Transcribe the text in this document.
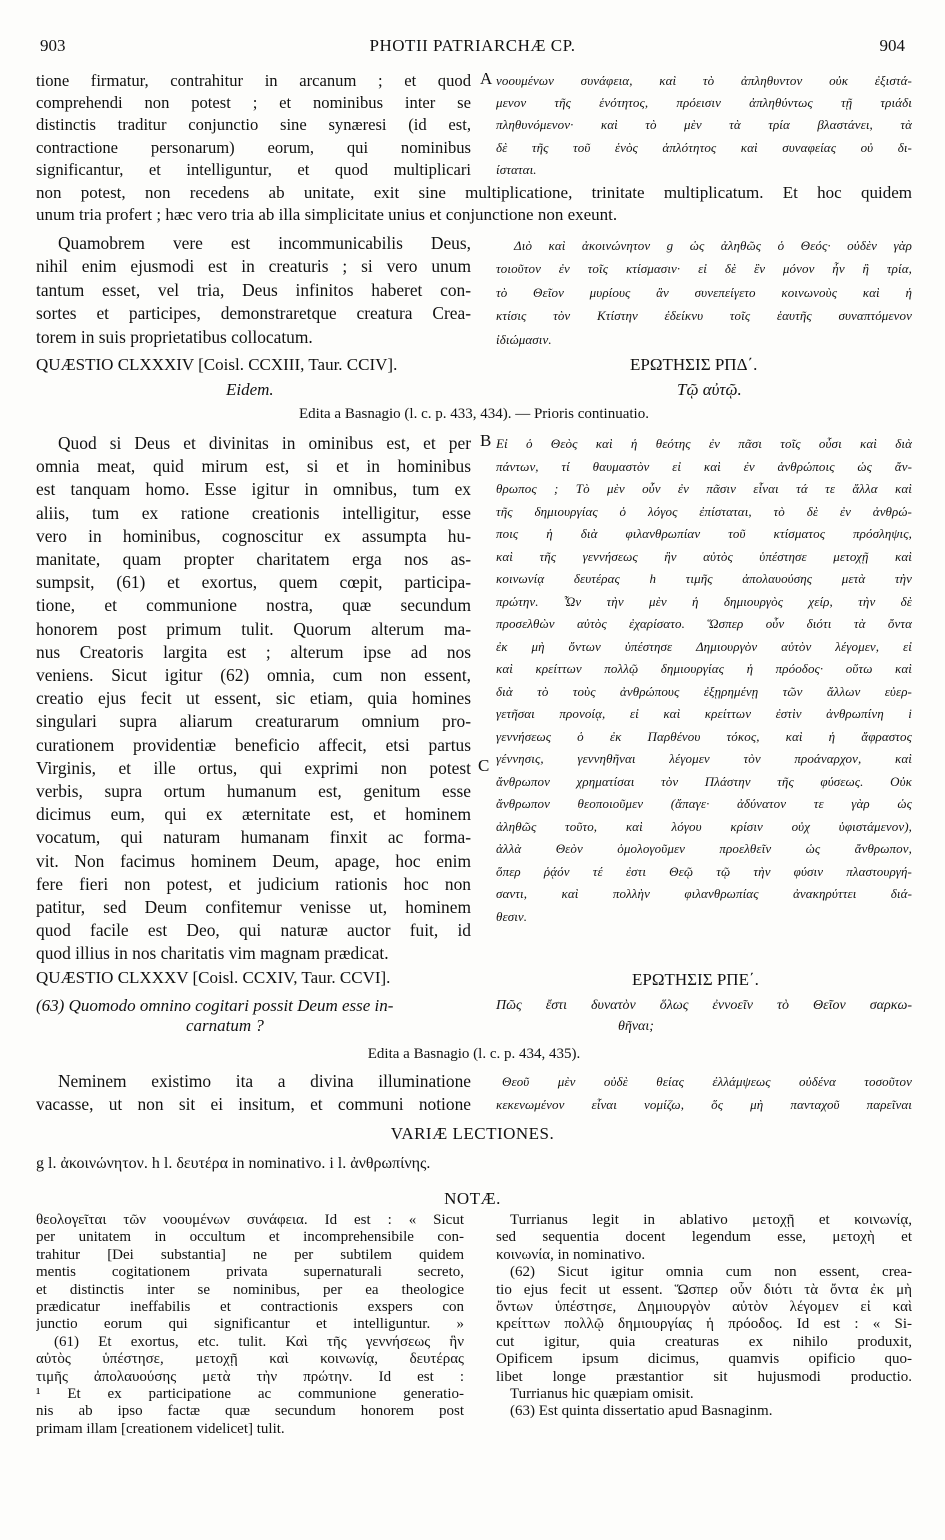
903	PHOTII PATRIARCHÆ CP.	904
tione firmatur, contrahitur in arcanum ; et quod
comprehendi non potest ; et nominibus inter se
distinctis traditur conjunctio sine synæresi (id est,
contractione personarum) eorum, qui nominibus
significantur, et intelliguntur, et quod multiplicari
A νοουμένων συνάφεια, καὶ τὸ ἀπληθυντον οὐκ ἐξιστά-
μενον τῆς ἑνότητος, πρόεισιν ἀπληθύντως τῇ τριάδι
πληθυνόμενον· καὶ τὸ μὲν τὰ τρία βλαστάνει, τὰ
δὲ τῆς τοῦ ἑνὸς ἁπλότητος καὶ συναφείας οὐ δι-
ίσταται.
non potest, non recedens ab unitate, exit sine multiplicatione, trinitate multiplicatum. Et hoc quidem
unum tria profert ; hæc vero tria ab illa simplicitate unius et conjunctione non exeunt.
Quamobrem vere est incommunicabilis Deus,
nihil enim ejusmodi est in creaturis ; si vero unum
tantum esset, vel tria, Deus infinitos haberet con-
sortes et participes, demonstraretque creatura Crea-
torem in suis proprietatibus collocatum.
Διὸ καὶ ἀκοινώνητον g ὡς ἀληθῶς ὁ Θεός· οὐδὲν γὰρ
τοιοῦτον ἐν τοῖς κτίσμασιν· εἰ δὲ ἓν μόνον ἦν ἢ τρία,
τὸ Θεῖον μυρίους ἂν συνεπείγετο κοινωνοὺς καὶ ἡ
κτίσις τὸν Κτίστην ἐδείκνυ τοῖς ἑαυτῆς συναπτόμενον
ἰδιώμασιν.
QUÆSTIO CLXXXIV [Coisl. CCXIII, Taur. CCIV].	ΕΡΩΤΗΣΙΣ ΡΠΔ΄.
Eidem.	Τῷ αὐτῷ.
Edita a Basnagio (l. c. p. 433, 434). — Prioris continuatio.
Quod si Deus et divinitas in ominibus est, et per
omnia meat, quid mirum est, si et in hominibus
est tanquam homo. Esse igitur in omnibus, tum ex
aliis, tum ex ratione creationis intelligitur, esse
vero in hominibus, cognoscitur ex assumpta hu-
manitate, quam propter charitatem erga nos as-
sumpsit, (61) et exortus, quem cœpit, participa-
tione, et communione nostra, quæ secundum
honorem post primum tulit. Quorum alterum ma-
nus Creatoris largita est ; alterum ipse ad nos
veniens. Sicut igitur (62) omnia, cum non essent,
creatio ejus fecit ut essent, sic etiam, quia homines
singulari supra aliarum creaturarum omnium pro-
curationem providentiæ beneficio affecit, etsi partus
Virginis, et ille ortus, qui exprimi non potest
verbis, supra ortum humanum est, genitum esse
dicimus eum, qui ex æternitate est, et hominem
vocatum, qui naturam humanam finxit ac forma-
vit. Non facimus hominem Deum, apage, hoc enim
fere fieri non potest, et judicium rationis hoc non
patitur, sed Deum confitemur venisse ut, hominem
quod facile est Deo, qui naturæ auctor fuit, id
quod illius in nos charitatis vim magnam prædicat.
B
C
Εἰ ὁ Θεὸς καὶ ἡ θεότης ἐν πᾶσι τοῖς οὖσι καὶ διὰ
πάντων, τί θαυμαστὸν εἰ καὶ ἐν ἀνθρώποις ὡς ἄν-
θρωπος ; Τὸ μὲν οὖν ἐν πᾶσιν εἶναι τά τε ἄλλα καὶ
τῆς δημιουργίας ὁ λόγος ἐπίσταται, τὸ δὲ ἐν ἀνθρώ-
ποις ἡ διὰ φιλανθρωπίαν τοῦ κτίσματος πρόσληψις,
καὶ τῆς γεννήσεως ἣν αὐτὸς ὑπέστησε μετοχῇ καὶ
κοινωνίᾳ δευτέρας h τιμῆς ἀπολαυούσης μετὰ τὴν
πρώτην. Ὧν τὴν μὲν ἡ δημιουργὸς χείρ, τὴν δὲ
προσελθὼν αὐτὸς ἐχαρίσατο. Ὥσπερ οὖν διότι τὰ ὄντα
ἐκ μὴ ὄντων ὑπέστησε Δημιουργὸν αὐτὸν λέγομεν, εἰ
καὶ κρείττων πολλῷ δημιουργίας ἡ πρόοδος· οὕτω καὶ
διὰ τὸ τοὺς ἀνθρώπους ἐξῃρημένῃ τῶν ἄλλων εὐερ-
γετῆσαι προνοίᾳ, εἰ καὶ κρείττων ἐστὶν ἀνθρωπίνη i
γεννήσεως ὁ ἐκ Παρθένου τόκος, καὶ ἡ ἄφραστος
γέννησις, γεννηθῆναι λέγομεν τὸν προάναρχον, καὶ
ἄνθρωπον χρηματίσαι τὸν Πλάστην τῆς φύσεως. Οὐκ
ἄνθρωπον θεοποιοῦμεν (ἄπαγε· ἀδύνατον τε γὰρ ὡς
ἀληθῶς τοῦτο, καὶ λόγου κρίσιν οὐχ ὑφιστάμενον),
ἀλλὰ Θεὸν ὁμολογοῦμεν προελθεῖν ὡς ἄνθρωπον,
ὅπερ ῥᾴόν τέ ἐστι Θεῷ τῷ τὴν φύσιν πλαστουργή-
σαντι, καὶ πολλὴν φιλανθρωπίας ἀνακηρύττει διά-
θεσιν.
QUÆSTIO CLXXXV [Coisl. CCXIV, Taur. CCVI].	ΕΡΩΤΗΣΙΣ ΡΠΕ΄.
(63) Quomodo omnino cogitari possit Deum esse in-
carnatum ?
Πῶς ἔστι δυνατὸν ὅλως ἐννοεῖν τὸ Θεῖον σαρκω-
θῆναι;
Edita a Basnagio (l. c. p. 434, 435).
Neminem existimo ita a divina illuminatione
vacasse, ut non sit ei insitum, et communi notione
Θεοῦ μὲν οὐδὲ θείας ἐλλάμψεως οὐδένα τοσοῦτον
κεκενωμένον εἶναι νομίζω, ὅς μὴ πανταχοῦ παρεῖναι
VARIÆ LECTIONES.
g l. ἀκοινώνητον. h l. δευτέρα in nominativo. i l. ἀνθρωπίνης.
NOTÆ.
θεολογεῖται τῶν νοουμένων συνάφεια. Id est : « Sicut
per unitatem in occultum et incomprehensibile con-
trahitur [Dei substantia] ne per subtilem quidem
mentis cogitationem privata supernaturali secreto,
et distinctis inter se nominibus, per ea theologice
prædicatur ineffabilis et contractionis exspers con
junctio eorum qui significantur et intelliguntur. »
(61) Et exortus, etc. tulit. Καὶ τῆς γεννήσεως ἣν
αὐτὸς ὑπέστησε, μετοχῇ καὶ κοινωνίᾳ, δευτέρας
τιμῆς ἀπολαυούσης μετὰ τὴν πρώτην. Id est :
¹ Et ex participatione ac communione generatio-
nis ab ipso factæ quæ secundum honorem post
primam illam [creationem videlicet] tulit.
Turrianus legit in ablativo μετοχῇ et κοινωνίᾳ,
sed sequentia docent legendum esse, μετοχὴ et
κοινωνία, in nominativo.
(62) Sicut igitur omnia cum non essent, crea-
tio ejus fecit ut essent. Ὥσπερ οὖν διότι τὰ ὄντα ἐκ μὴ
ὄντων ὑπέστησε, Δημιουργὸν αὐτὸν λέγομεν εἰ καὶ
κρείττων πολλῷ δημιουργίας ἡ πρόοδος. Id est : « Si-
cut igitur, quia creaturas ex nihilo produxit,
Opificem ipsum dicimus, quamvis opificio quo-
libet longe præstantior sit hujusmodi productio.
Turrianus hic quæpiam omisit.
(63) Est quinta dissertatio apud Basnaginm.
